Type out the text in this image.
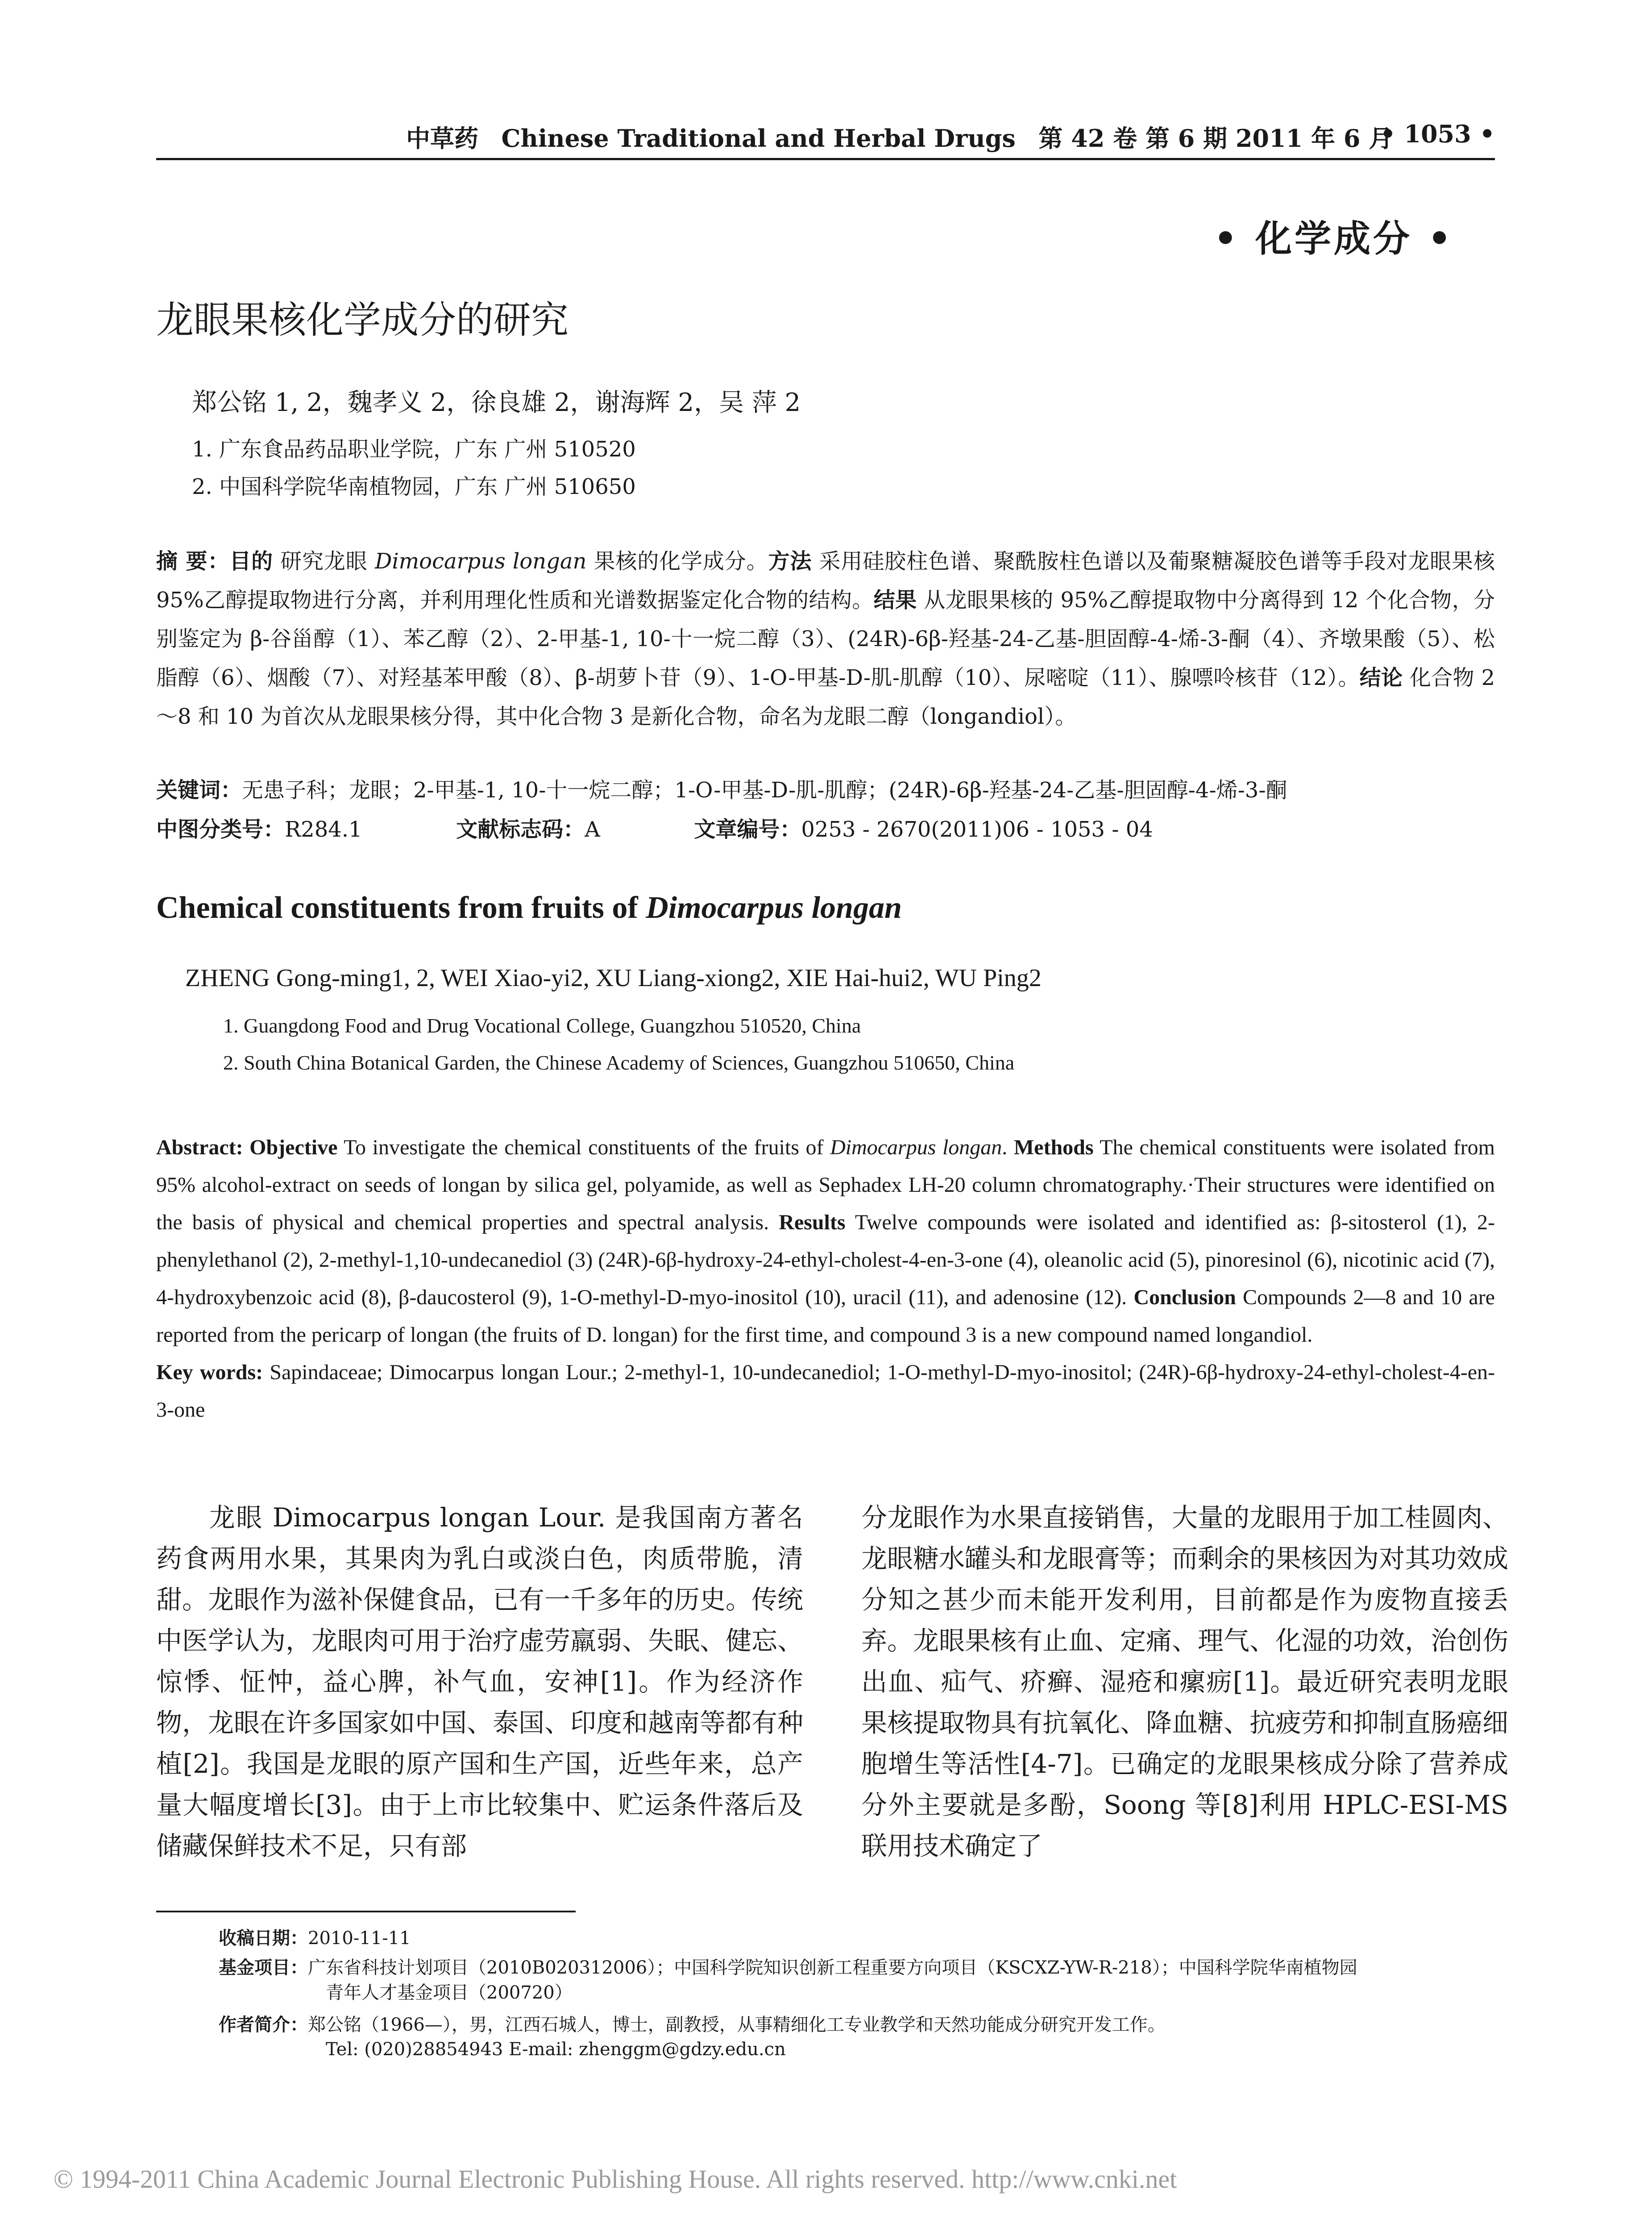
中草药 Chinese Traditional and Herbal Drugs 第 42 卷 第 6 期 2011 年 6 月
• 1053 •
• 化学成分 •
龙眼果核化学成分的研究
郑公铭 1, 2，魏孝义 2，徐良雄 2，谢海辉 2，吴 萍 2
1. 广东食品药品职业学院，广东 广州 510520
2. 中国科学院华南植物园，广东 广州 510650
摘 要：目的 研究龙眼 Dimocarpus longan 果核的化学成分。方法 采用硅胶柱色谱、聚酰胺柱色谱以及葡聚糖凝胶色谱等手段对龙眼果核 95%乙醇提取物进行分离，并利用理化性质和光谱数据鉴定化合物的结构。结果 从龙眼果核的 95%乙醇提取物中分离得到 12 个化合物，分别鉴定为 β-谷甾醇（1）、苯乙醇（2）、2-甲基-1, 10-十一烷二醇（3）、(24R)-6β-羟基-24-乙基-胆固醇-4-烯-3-酮（4）、齐墩果酸（5）、松脂醇（6）、烟酸（7）、对羟基苯甲酸（8）、β-胡萝卜苷（9）、1-O-甲基-D-肌-肌醇（10）、尿嘧啶（11）、腺嘌呤核苷（12）。结论 化合物 2～8 和 10 为首次从龙眼果核分得，其中化合物 3 是新化合物，命名为龙眼二醇（longandiol）。
关键词：无患子科；龙眼；2-甲基-1, 10-十一烷二醇；1-O-甲基-D-肌-肌醇；(24R)-6β-羟基-24-乙基-胆固醇-4-烯-3-酮
中图分类号：R284.1	文献标志码：A	文章编号：0253 - 2670(2011)06 - 1053 - 04
Chemical constituents from fruits of Dimocarpus longan
ZHENG Gong-ming1, 2, WEI Xiao-yi2, XU Liang-xiong2, XIE Hai-hui2, WU Ping2
1. Guangdong Food and Drug Vocational College, Guangzhou 510520, China
2. South China Botanical Garden, the Chinese Academy of Sciences, Guangzhou 510650, China
Abstract: Objective To investigate the chemical constituents of the fruits of Dimocarpus longan. Methods The chemical constituents were isolated from 95% alcohol-extract on seeds of longan by silica gel, polyamide, as well as Sephadex LH-20 column chromatography.·Their structures were identified on the basis of physical and chemical properties and spectral analysis. Results Twelve compounds were isolated and identified as: β-sitosterol (1), 2-phenylethanol (2), 2-methyl-1,10-undecanediol (3) (24R)-6β-hydroxy-24-ethyl-cholest-4-en-3-one (4), oleanolic acid (5), pinoresinol (6), nicotinic acid (7), 4-hydroxybenzoic acid (8), β-daucosterol (9), 1-O-methyl-D-myo-inositol (10), uracil (11), and adenosine (12). Conclusion Compounds 2—8 and 10 are reported from the pericarp of longan (the fruits of D. longan) for the first time, and compound 3 is a new compound named longandiol.
Key words: Sapindaceae; Dimocarpus longan Lour.; 2-methyl-1, 10-undecanediol; 1-O-methyl-D-myo-inositol; (24R)-6β-hydroxy-24-ethyl-cholest-4-en-3-one
龙眼 Dimocarpus longan Lour. 是我国南方著名药食两用水果，其果肉为乳白或淡白色，肉质带脆，清甜。龙眼作为滋补保健食品，已有一千多年的历史。传统中医学认为，龙眼肉可用于治疗虚劳羸弱、失眠、健忘、惊悸、怔忡，益心脾，补气血，安神[1]。作为经济作物，龙眼在许多国家如中国、泰国、印度和越南等都有种植[2]。我国是龙眼的原产国和生产国，近些年来，总产量大幅度增长[3]。由于上市比较集中、贮运条件落后及储藏保鲜技术不足，只有部
分龙眼作为水果直接销售，大量的龙眼用于加工桂圆肉、龙眼糖水罐头和龙眼膏等；而剩余的果核因为对其功效成分知之甚少而未能开发利用，目前都是作为废物直接丢弃。龙眼果核有止血、定痛、理气、化湿的功效，治创伤出血、疝气、疥癣、湿疮和瘰疬[1]。最近研究表明龙眼果核提取物具有抗氧化、降血糖、抗疲劳和抑制直肠癌细胞增生等活性[4-7]。已确定的龙眼果核成分除了营养成分外主要就是多酚，Soong 等[8]利用 HPLC-ESI-MS 联用技术确定了
收稿日期：2010-11-11
基金项目：广东省科技计划项目（2010B020312006）；中国科学院知识创新工程重要方向项目（KSCXZ-YW-R-218）；中国科学院华南植物园
青年人才基金项目（200720）
作者简介：郑公铭（1966—），男，江西石城人，博士，副教授，从事精细化工专业教学和天然功能成分研究开发工作。
Tel: (020)28854943 E-mail: zhenggm@gdzy.edu.cn
© 1994-2011 China Academic Journal Electronic Publishing House. All rights reserved. http://www.cnki.net
